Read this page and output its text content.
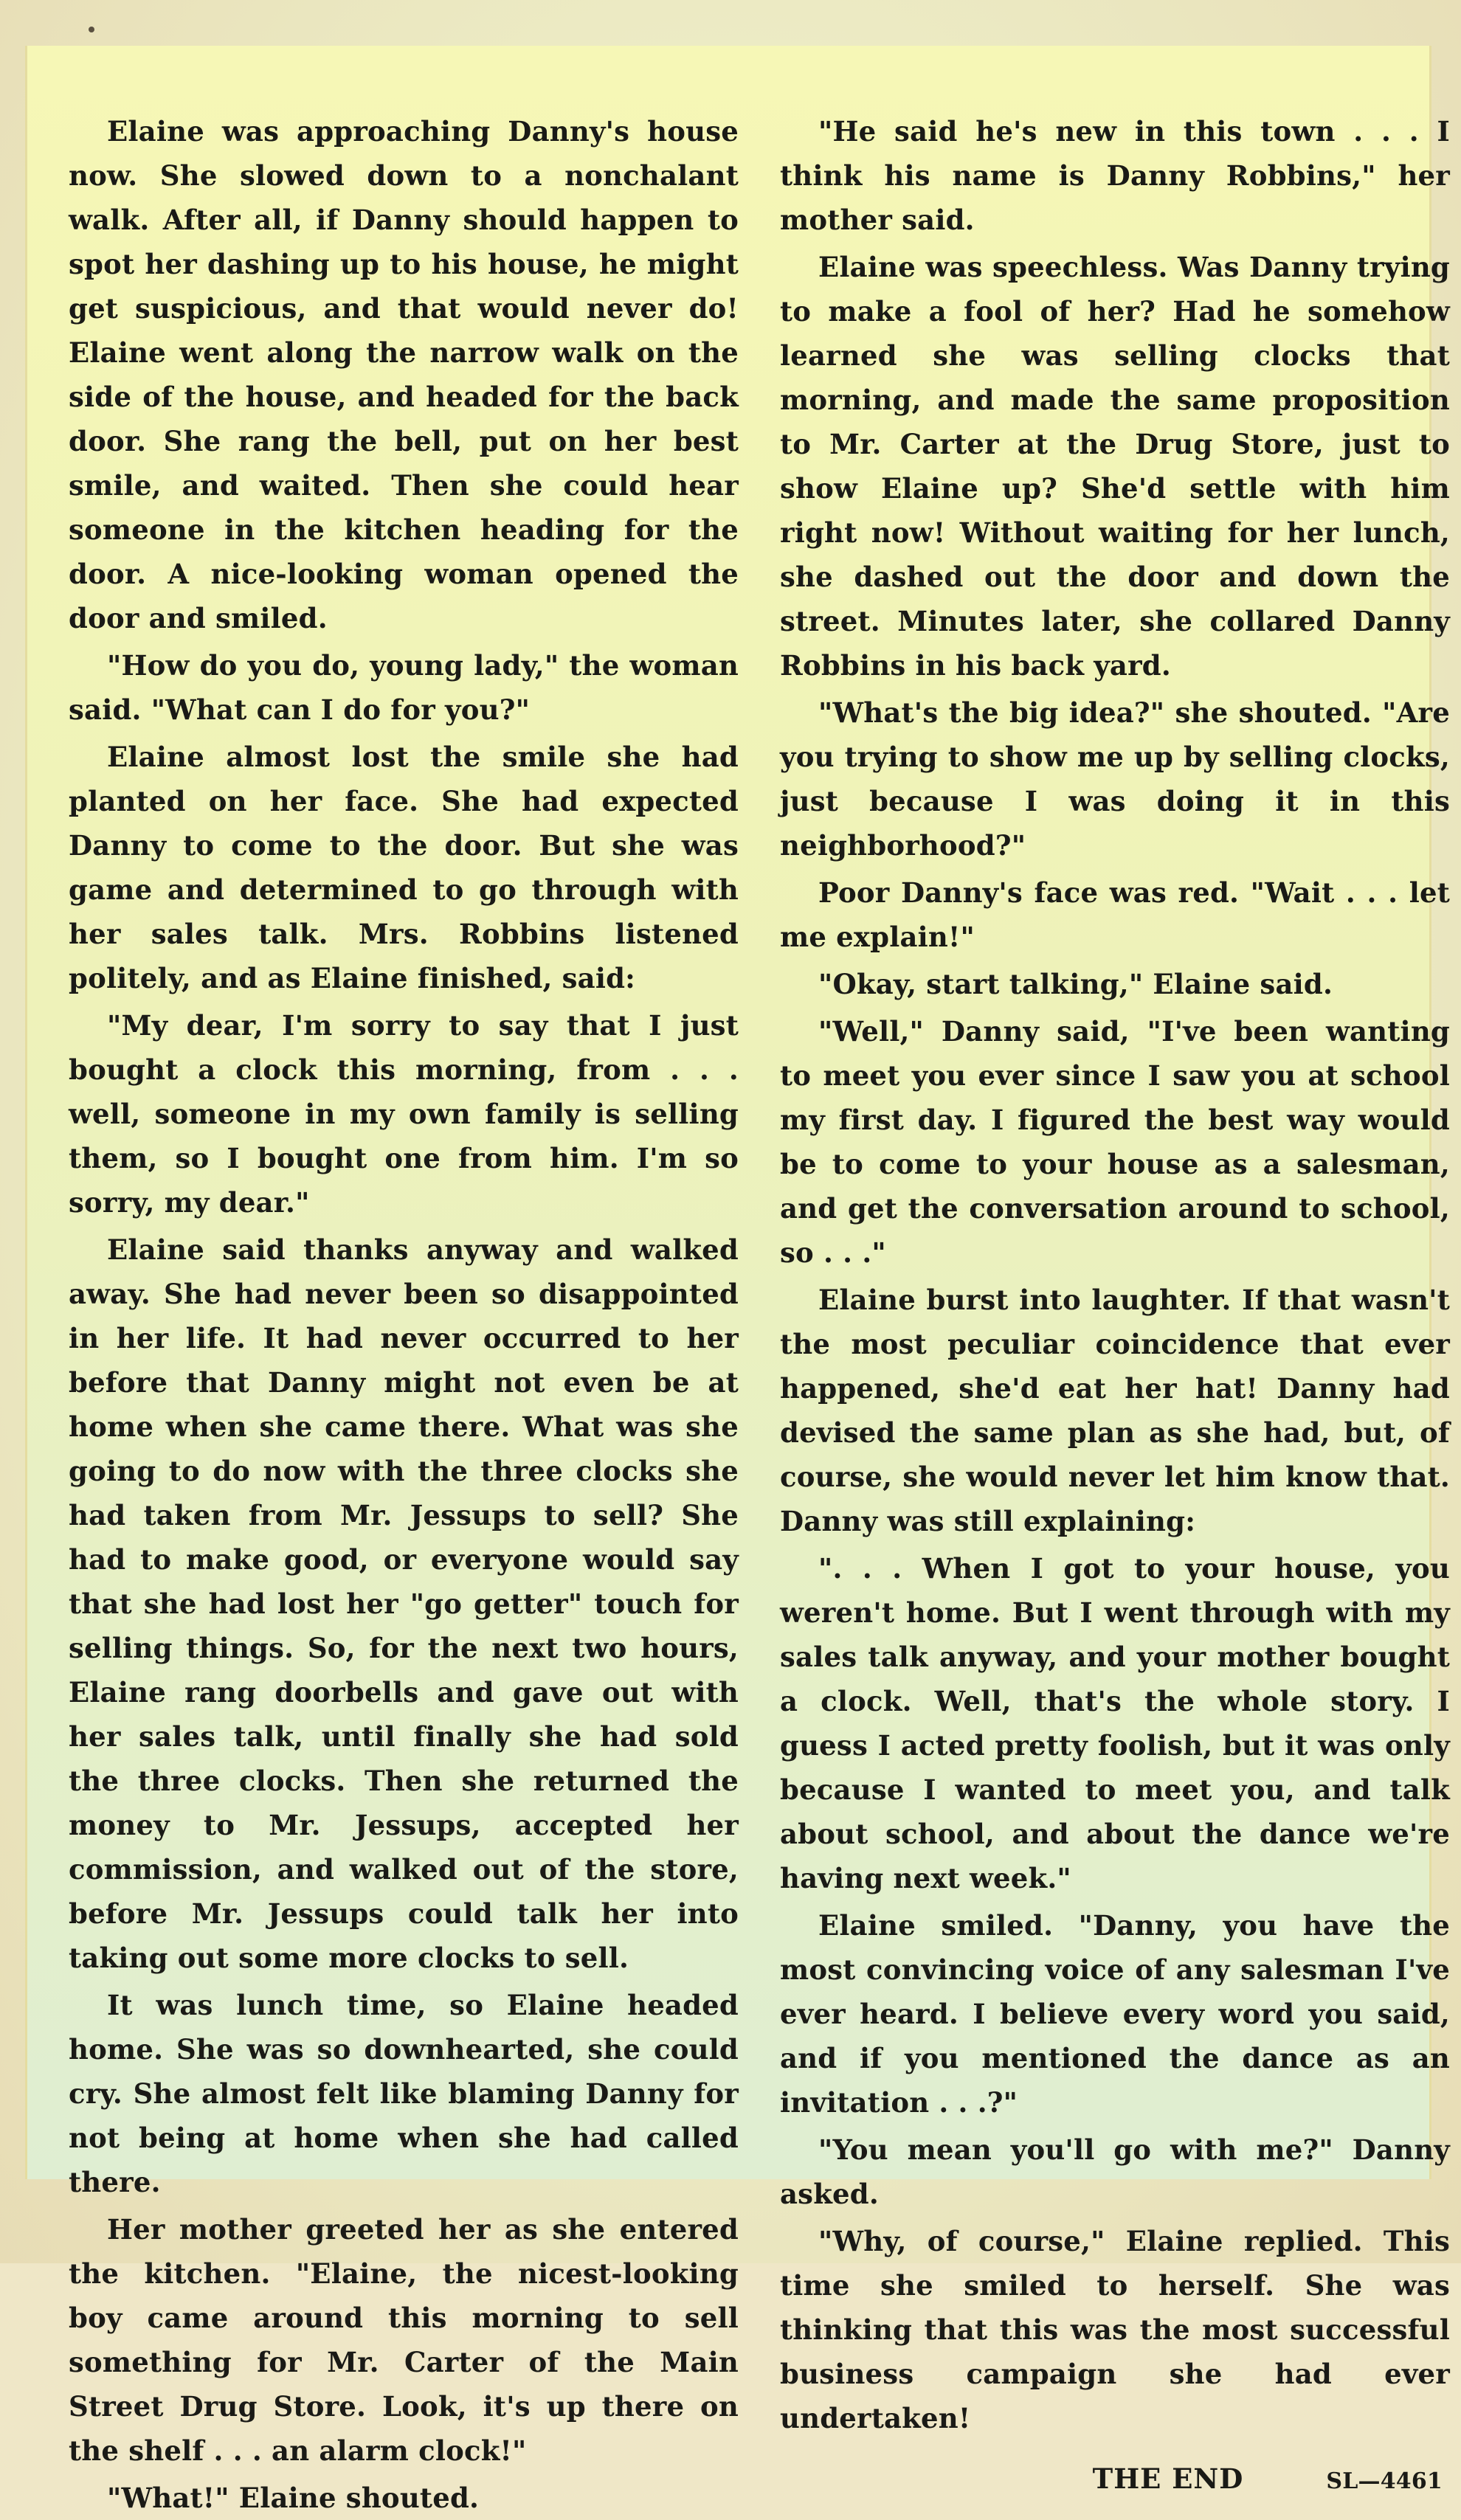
Elaine was approaching Danny's house now. She slowed down to a nonchalant walk. After all, if Danny should happen to spot her dashing up to his house, he might get suspicious, and that would never do! Elaine went along the narrow walk on the side of the house, and headed for the back door. She rang the bell, put on her best smile, and waited. Then she could hear someone in the kitchen heading for the door. A nice-looking woman opened the door and smiled.

"How do you do, young lady," the woman said. "What can I do for you?"

Elaine almost lost the smile she had planted on her face. She had expected Danny to come to the door. But she was game and determined to go through with her sales talk. Mrs. Robbins listened politely, and as Elaine finished, said:

"My dear, I'm sorry to say that I just bought a clock this morning, from . . . well, someone in my own family is selling them, so I bought one from him. I'm so sorry, my dear."

Elaine said thanks anyway and walked away. She had never been so disappointed in her life. It had never occurred to her before that Danny might not even be at home when she came there. What was she going to do now with the three clocks she had taken from Mr. Jessups to sell? She had to make good, or everyone would say that she had lost her "go getter" touch for selling things. So, for the next two hours, Elaine rang doorbells and gave out with her sales talk, until finally she had sold the three clocks. Then she returned the money to Mr. Jessups, accepted her commission, and walked out of the store, before Mr. Jessups could talk her into taking out some more clocks to sell.

It was lunch time, so Elaine headed home. She was so downhearted, she could cry. She almost felt like blaming Danny for not being at home when she had called there.

Her mother greeted her as she entered the kitchen. "Elaine, the nicest-looking boy came around this morning to sell something for Mr. Carter of the Main Street Drug Store. Look, it's up there on the shelf . . . an alarm clock!"

"What!" Elaine shouted.

"He said he's new in this town . . . I think his name is Danny Robbins," her mother said.

Elaine was speechless. Was Danny trying to make a fool of her? Had he somehow learned she was selling clocks that morning, and made the same proposition to Mr. Carter at the Drug Store, just to show Elaine up? She'd settle with him right now! Without waiting for her lunch, she dashed out the door and down the street. Minutes later, she collared Danny Robbins in his back yard.

"What's the big idea?" she shouted. "Are you trying to show me up by selling clocks, just because I was doing it in this neighborhood?"

Poor Danny's face was red. "Wait . . . let me explain!"

"Okay, start talking," Elaine said.

"Well," Danny said, "I've been wanting to meet you ever since I saw you at school my first day. I figured the best way would be to come to your house as a salesman, and get the conversation around to school, so . . ."

Elaine burst into laughter. If that wasn't the most peculiar coincidence that ever happened, she'd eat her hat! Danny had devised the same plan as she had, but, of course, she would never let him know that. Danny was still explaining:

". . . When I got to your house, you weren't home. But I went through with my sales talk anyway, and your mother bought a clock. Well, that's the whole story. I guess I acted pretty foolish, but it was only because I wanted to meet you, and talk about school, and about the dance we're having next week."

Elaine smiled. "Danny, you have the most convincing voice of any salesman I've ever heard. I believe every word you said, and if you mentioned the dance as an invitation . . .?"

"You mean you'll go with me?" Danny asked.

"Why, of course," Elaine replied. This time she smiled to herself. She was thinking that this was the most successful business campaign she had ever undertaken!

THE END	SL—4461
